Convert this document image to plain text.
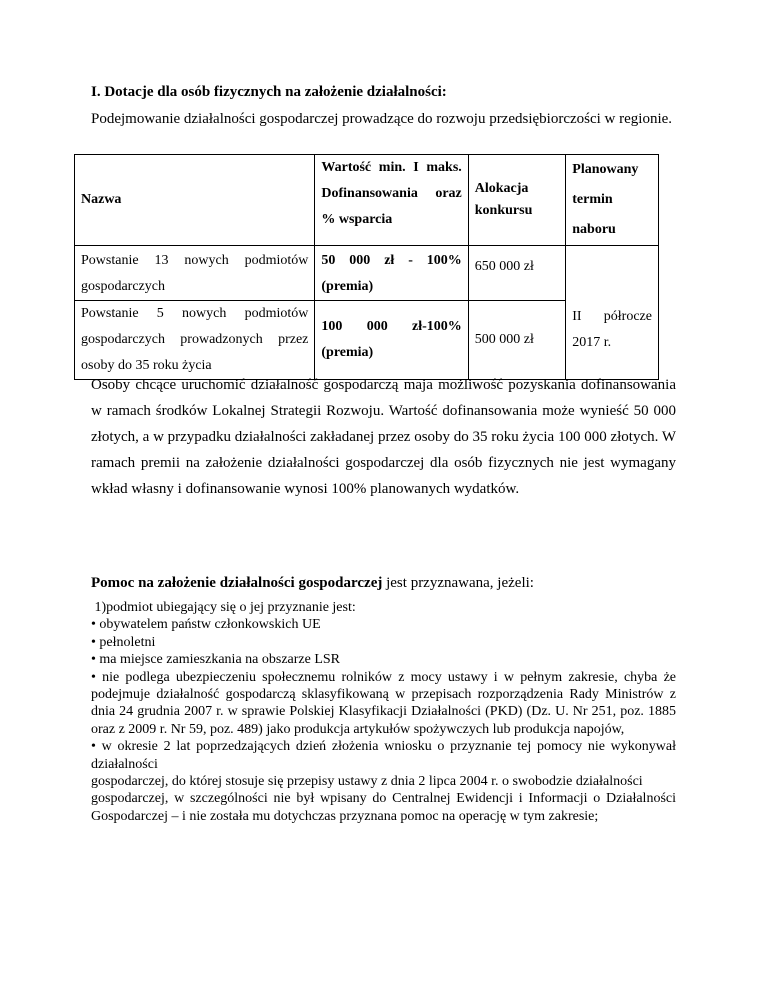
I. Dotacje dla osób fizycznych na założenie działalności:
Podejmowanie działalności gospodarczej prowadzące do rozwoju przedsiębiorczości w regionie.
Nazwa	Wartość min. I maks. Dofinansowania oraz % wsparcia	Alokacja konkursu	Planowany termin naboru
Powstanie 13 nowych podmiotów gospodarczych	50 000 zł - 100% (premia)	650 000 zł	II półrocze 2017 r.
Powstanie 5 nowych podmiotów gospodarczych prowadzonych przez osoby do 35 roku życia	100 000 zł-100% (premia)	500 000 zł	
Osoby chcące uruchomić działalność gospodarczą maja możliwość pozyskania dofinansowania w ramach środków Lokalnej Strategii Rozwoju. Wartość dofinansowania może wynieść 50 000 złotych, a w przypadku działalności zakładanej przez osoby do 35 roku życia 100 000 złotych. W ramach premii na założenie działalności gospodarczej dla osób fizycznych nie jest wymagany wkład własny i dofinansowanie wynosi 100% planowanych wydatków.
Pomoc na założenie działalności gospodarczej jest przyznawana, jeżeli:
1)podmiot ubiegający się o jej przyznanie jest:
• obywatelem państw członkowskich UE
• pełnoletni
• ma miejsce zamieszkania na obszarze LSR
• nie podlega ubezpieczeniu społecznemu rolników z mocy ustawy i w pełnym zakresie, chyba że podejmuje działalność gospodarczą sklasyfikowaną w przepisach rozporządzenia Rady Ministrów z dnia 24 grudnia 2007 r. w sprawie Polskiej Klasyfikacji Działalności (PKD) (Dz. U. Nr 251, poz. 1885 oraz z 2009 r. Nr 59, poz. 489) jako produkcja artykułów spożywczych lub produkcja napojów,
• w okresie 2 lat poprzedzających dzień złożenia wniosku o przyznanie tej pomocy nie wykonywał działalności
gospodarczej, do której stosuje się przepisy ustawy z dnia 2 lipca 2004 r. o swobodzie działalności
gospodarczej, w szczególności nie był wpisany do Centralnej Ewidencji i Informacji o Działalności Gospodarczej – i nie została mu dotychczas przyznana pomoc na operację w tym zakresie;
